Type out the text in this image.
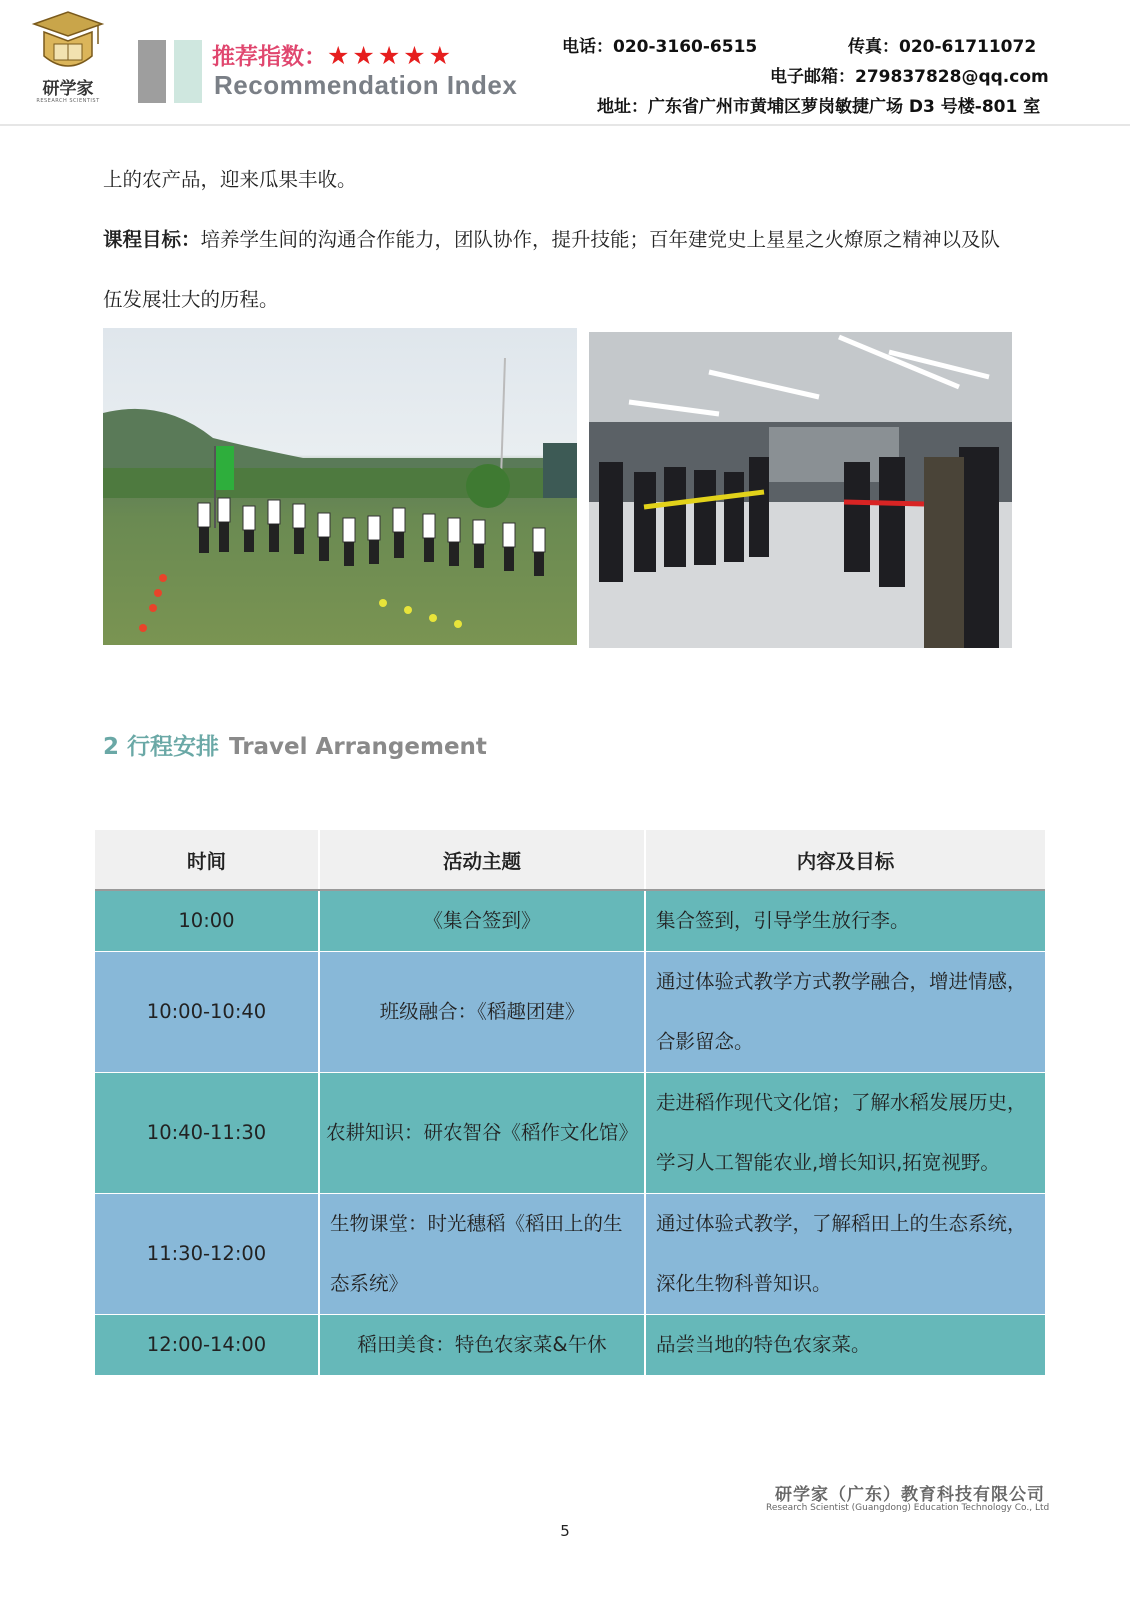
研学家
RESEARCH SCIENTIST
推荐指数：★★★★★
Recommendation Index
电话：020-3160-6515	传真：020-61711072
电子邮箱：279837828@qq.com
地址：广东省广州市黄埔区萝岗敏捷广场 D3 号楼-801 室
上的农产品，迎来瓜果丰收。
课程目标：培养学生间的沟通合作能力，团队协作，提升技能；百年建党史上星星之火燎原之精神以及队
伍发展壮大的历程。
2 行程安排 Travel Arrangement
时间	活动主题	内容及目标
10:00	《集合签到》	集合签到，引导学生放行李。
10:00-10:40	班级融合：《稻趣团建》	通过体验式教学方式教学融合，增进情感，
合影留念。
10:40-11:30	农耕知识：研农智谷《稻作文化馆》	走进稻作现代文化馆；了解水稻发展历史，
学习人工智能农业,增长知识,拓宽视野。
11:30-12:00	生物课堂：时光穗稻《稻田上的生
态系统》	通过体验式教学，了解稻田上的生态系统，
深化生物科普知识。
12:00-14:00	稻田美食：特色农家菜&午休	品尝当地的特色农家菜。
研学家（广东）教育科技有限公司
Research Scientist (Guangdong) Education Technology Co., Ltd
5
